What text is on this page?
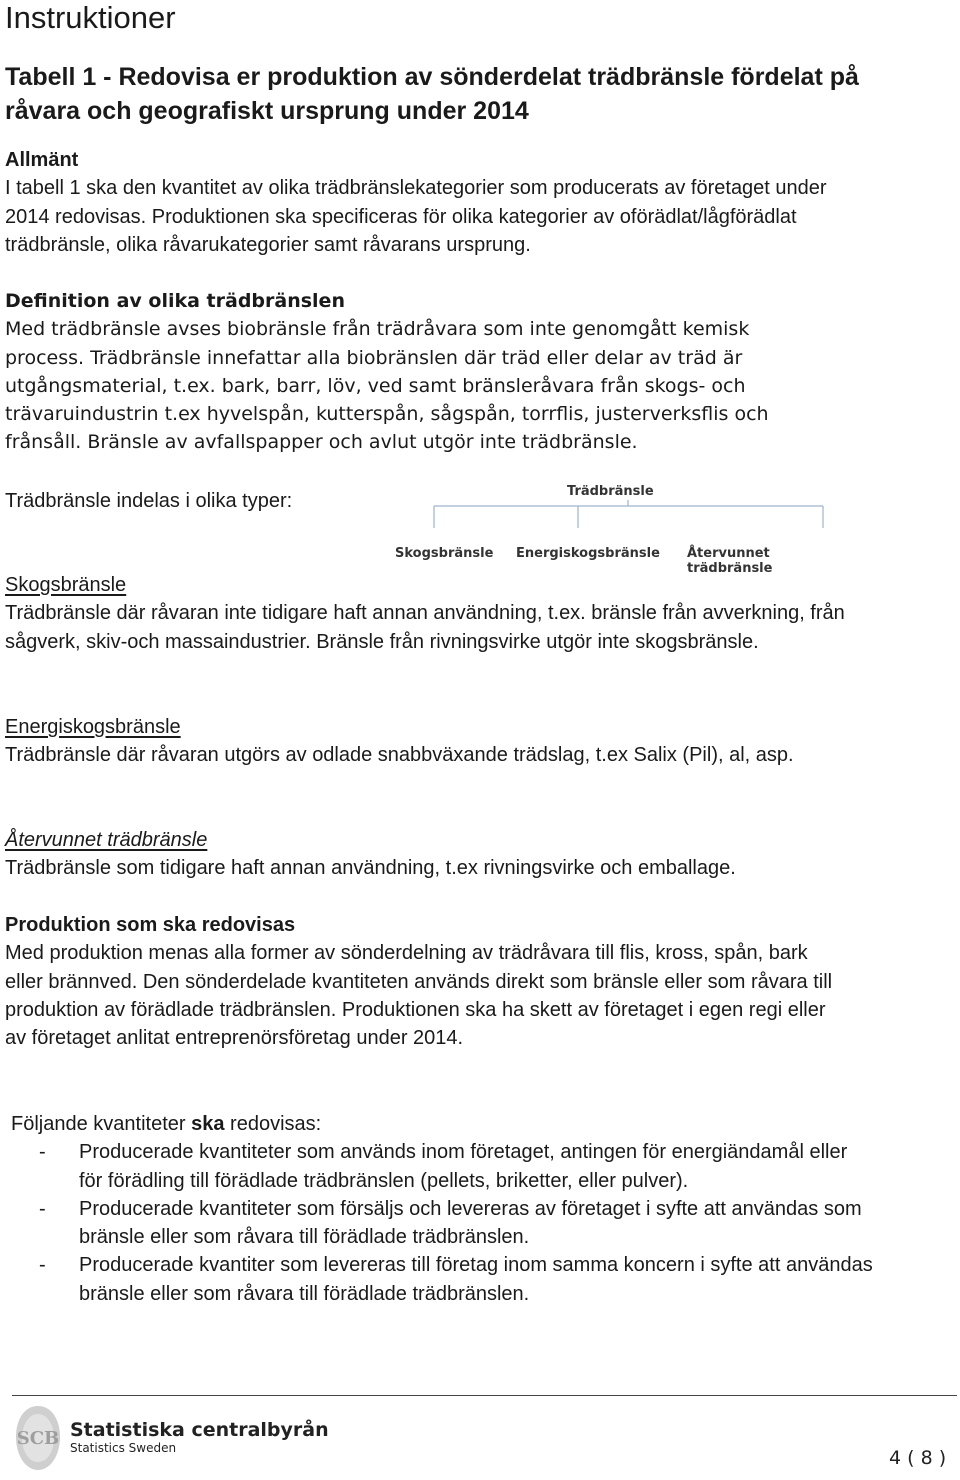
Instruktioner
Tabell 1 - Redovisa er produktion av sönderdelat trädbränsle fördelat på råvara och geografiskt ursprung under 2014
Allmänt
I tabell 1 ska den kvantitet av olika trädbränslekategorier som producerats av företaget under 2014 redovisas. Produktionen ska specificeras för olika kategorier av oförädlat/lågförädlat trädbränsle, olika råvarukategorier samt råvarans ursprung.
Definition av olika trädbränslen
Med trädbränsle avses biobränsle från trädråvara som inte genomgått kemisk process. Trädbränsle innefattar alla biobränslen där träd eller delar av träd är utgångsmaterial, t.ex. bark, barr, löv, ved samt bränsleråvara från skogs- och trävaruindustrin t.ex hyvelspån, kutterspån, sågspån, torrflis, justerverksflis och frånsåll. Bränsle av avfallspapper och avlut utgör inte trädbränsle.
Trädbränsle indelas i olika typer:	Trädbränsle
Skogsbränsle Energiskogsbränsle Återvunnet trädbränsle
Skogsbränsle
Trädbränsle där råvaran inte tidigare haft annan användning, t.ex. bränsle från avverkning, från sågverk, skiv-och massaindustrier. Bränsle från rivningsvirke utgör inte skogsbränsle.
Energiskogsbränsle
Trädbränsle där råvaran utgörs av odlade snabbväxande trädslag, t.ex Salix (Pil), al, asp.
Återvunnet trädbränsle
Trädbränsle som tidigare haft annan användning, t.ex rivningsvirke och emballage.
Produktion som ska redovisas
Med produktion menas alla former av sönderdelning av trädråvara till flis, kross, spån, bark eller brännved. Den sönderdelade kvantiteten används direkt som bränsle eller som råvara till produktion av förädlade trädbränslen. Produktionen ska ha skett av företaget i egen regi eller av företaget anlitat entreprenörsföretag under 2014.
Följande kvantiteter ska redovisas:
- Producerade kvantiteter som används inom företaget, antingen för energiändamål eller för förädling till förädlade trädbränslen (pellets, briketter, eller pulver).
- Producerade kvantiteter som försäljs och levereras av företaget i syfte att användas som bränsle eller som råvara till förädlade trädbränslen.
- Producerade kvantiter som levereras till företag inom samma koncern i syfte att användas bränsle eller som råvara till förädlade trädbränslen.
SCB Statistiska centralbyrån
Statistics Sweden	4 ( 8 )
